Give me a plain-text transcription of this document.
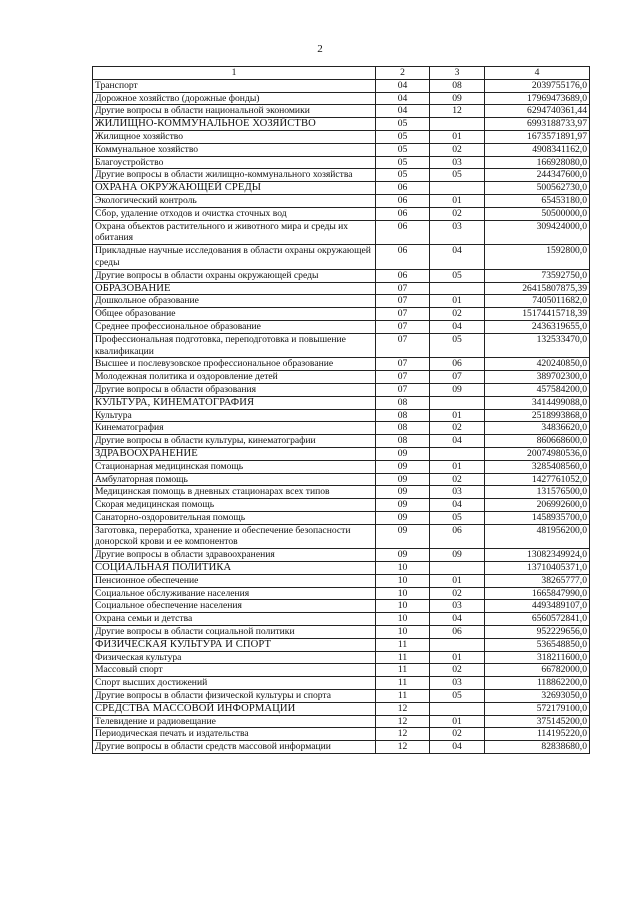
2
1	2	3	4
Транспорт	04	08	2039755176,0
Дорожное хозяйство (дорожные фонды)	04	09	17969473689,0
Другие вопросы в области национальной экономики	04	12	6294740361,44
ЖИЛИЩНО-КОММУНАЛЬНОЕ ХОЗЯЙСТВО	05		6993188733,97
Жилищное хозяйство	05	01	1673571891,97
Коммунальное хозяйство	05	02	4908341162,0
Благоустройство	05	03	166928080,0
Другие вопросы в области жилищно-коммунального хозяйства	05	05	244347600,0
ОХРАНА ОКРУЖАЮЩЕЙ СРЕДЫ	06		500562730,0
Экологический контроль	06	01	65453180,0
Сбор, удаление отходов и очистка сточных вод	06	02	50500000,0
Охрана объектов растительного и животного мира и среды их обитания	06	03	309424000,0
Прикладные научные исследования в области охраны окружающей среды	06	04	1592800,0
Другие вопросы в области охраны окружающей среды	06	05	73592750,0
ОБРАЗОВАНИЕ	07		26415807875,39
Дошкольное образование	07	01	7405011682,0
Общее образование	07	02	15174415718,39
Среднее профессиональное образование	07	04	2436319655,0
Профессиональная подготовка, переподготовка и повышение квалификации	07	05	132533470,0
Высшее и послевузовское профессиональное образование	07	06	420240850,0
Молодежная политика и оздоровление детей	07	07	389702300,0
Другие вопросы в области образования	07	09	457584200,0
КУЛЬТУРА, КИНЕМАТОГРАФИЯ	08		3414499088,0
Культура	08	01	2518993868,0
Кинематография	08	02	34836620,0
Другие вопросы в области культуры, кинематографии	08	04	860668600,0
ЗДРАВООХРАНЕНИЕ	09		20074980536,0
Стационарная медицинская помощь	09	01	3285408560,0
Амбулаторная помощь	09	02	1427761052,0
Медицинская помощь в дневных стационарах всех типов	09	03	131576500,0
Скорая медицинская помощь	09	04	206992600,0
Санаторно-оздоровительная помощь	09	05	1458935700,0
Заготовка, переработка, хранение и обеспечение безопасности донорской крови и ее компонентов	09	06	481956200,0
Другие вопросы в области здравоохранения	09	09	13082349924,0
СОЦИАЛЬНАЯ ПОЛИТИКА	10		13710405371,0
Пенсионное обеспечение	10	01	38265777,0
Социальное обслуживание населения	10	02	1665847990,0
Социальное обеспечение населения	10	03	4493489107,0
Охрана семьи и детства	10	04	6560572841,0
Другие вопросы в области социальной политики	10	06	952229656,0
ФИЗИЧЕСКАЯ КУЛЬТУРА И СПОРТ	11		536548850,0
Физическая культура	11	01	318211600,0
Массовый спорт	11	02	66782000,0
Спорт высших достижений	11	03	118862200,0
Другие вопросы в области физической культуры и спорта	11	05	32693050,0
СРЕДСТВА МАССОВОЙ ИНФОРМАЦИИ	12		572179100,0
Телевидение и радиовещание	12	01	375145200,0
Периодическая печать и издательства	12	02	114195220,0
Другие вопросы в области средств массовой информации	12	04	82838680,0
